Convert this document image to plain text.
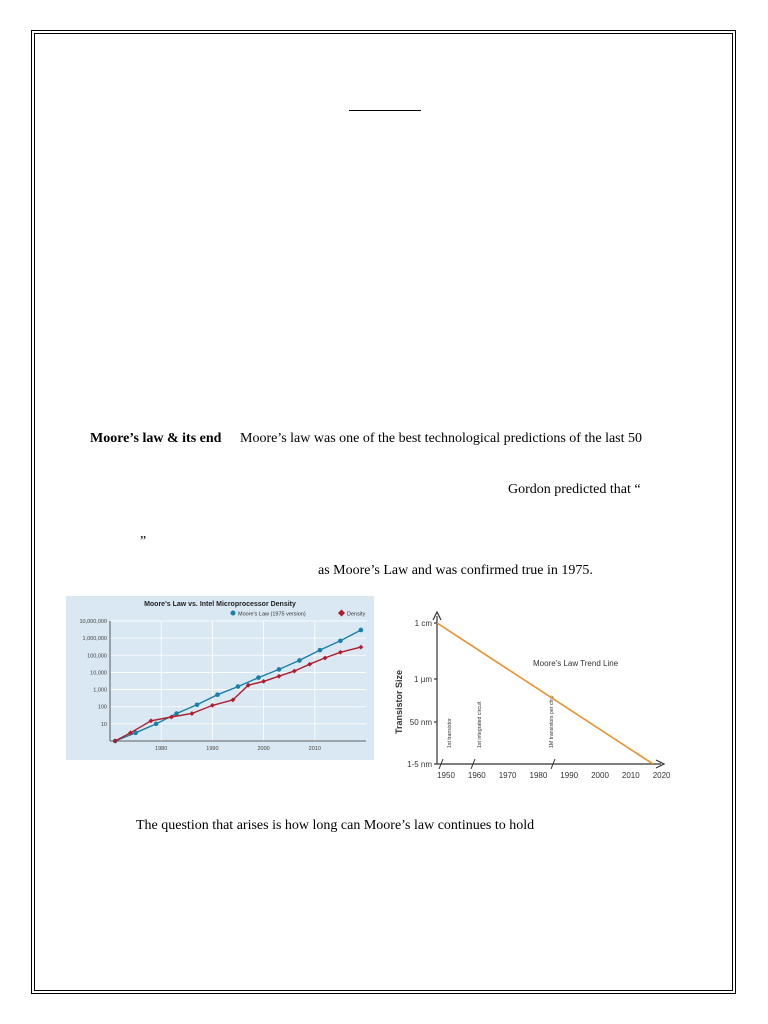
Moore’s law & its end Moore’s law was one of the best technological predictions of the last 50
Gordon predicted that “
”
as Moore’s Law and was confirmed true in 1975.
The question that arises is how long can Moore’s law continues to hold
Moore's Law vs. Intel Microprocessor Density
Moore's Law (1975 version)	Density
10,000,000
1,000,000
100,000
10,000
1,000
100
10
1980	1990	2000	2010
Transistor Size
1 cm
1 µm
50 nm
1-5 nm
1950 1960 1970 1980 1990 2000 2010 2020
1st transistor	1st integrated circuit	1M transistors per chip
Moore's Law Trend Line
